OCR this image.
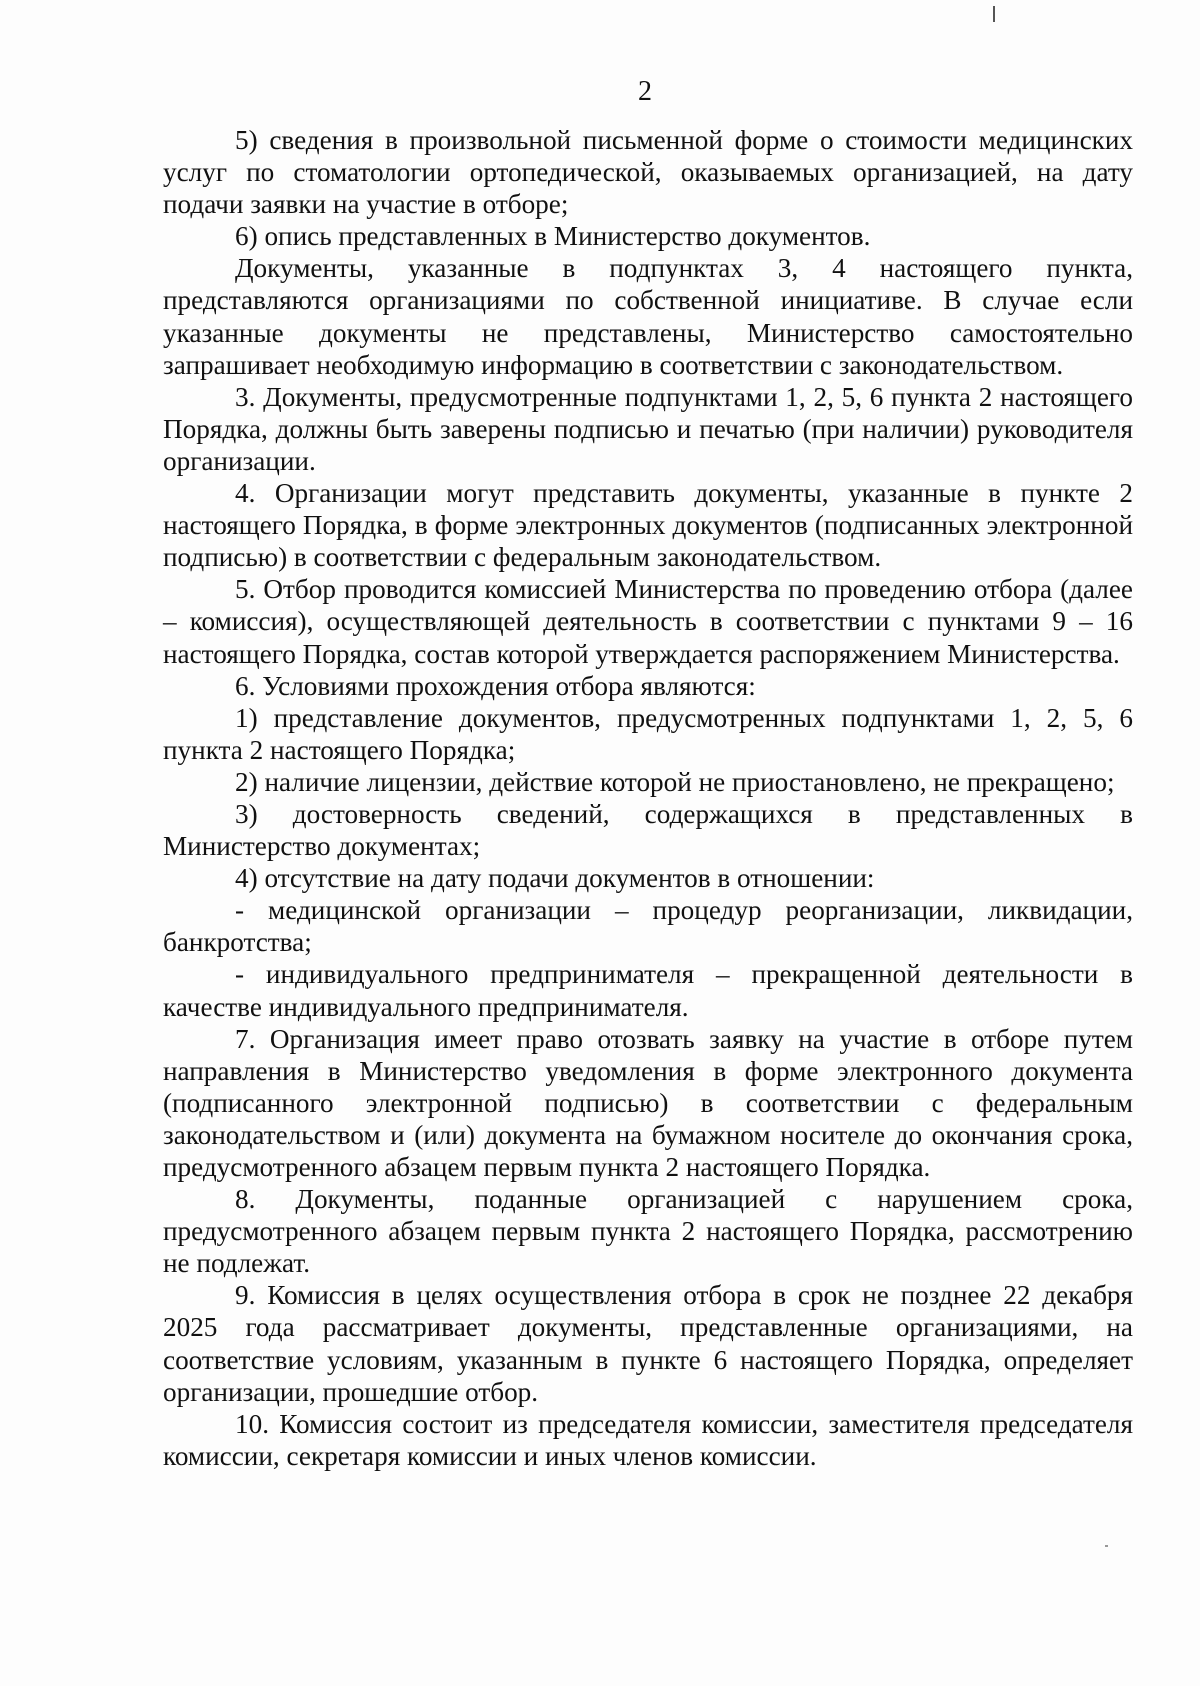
2

5) сведения в произвольной письменной форме о стоимости медицинских услуг по стоматологии ортопедической, оказываемых организацией, на дату подачи заявки на участие в отборе;

6) опись представленных в Министерство документов.

Документы, указанные в подпунктах 3, 4 настоящего пункта, представляются организациями по собственной инициативе. В случае если указанные документы не представлены, Министерство самостоятельно запрашивает необходимую информацию в соответствии с законодательством.

3. Документы, предусмотренные подпунктами 1, 2, 5, 6 пункта 2 настоящего Порядка, должны быть заверены подписью и печатью (при наличии) руководителя организации.

4. Организации могут представить документы, указанные в пункте 2 настоящего Порядка, в форме электронных документов (подписанных электронной подписью) в соответствии с федеральным законодательством.

5. Отбор проводится комиссией Министерства по проведению отбора (далее – комиссия), осуществляющей деятельность в соответствии с пунктами 9 – 16 настоящего Порядка, состав которой утверждается распоряжением Министерства.

6. Условиями прохождения отбора являются:

1) представление документов, предусмотренных подпунктами 1, 2, 5, 6 пункта 2 настоящего Порядка;

2) наличие лицензии, действие которой не приостановлено, не прекращено;

3) достоверность сведений, содержащихся в представленных в Министерство документах;

4) отсутствие на дату подачи документов в отношении:

- медицинской организации – процедур реорганизации, ликвидации, банкротства;

- индивидуального предпринимателя – прекращенной деятельности в качестве индивидуального предпринимателя.

7. Организация имеет право отозвать заявку на участие в отборе путем направления в Министерство уведомления в форме электронного документа (подписанного электронной подписью) в соответствии с федеральным законодательством и (или) документа на бумажном носителе до окончания срока, предусмотренного абзацем первым пункта 2 настоящего Порядка.

8. Документы, поданные организацией с нарушением срока, предусмотренного абзацем первым пункта 2 настоящего Порядка, рассмотрению не подлежат.

9. Комиссия в целях осуществления отбора в срок не позднее 22 декабря 2025 года рассматривает документы, представленные организациями, на соответствие условиям, указанным в пункте 6 настоящего Порядка, определяет организации, прошедшие отбор.

10. Комиссия состоит из председателя комиссии, заместителя председателя комиссии, секретаря комиссии и иных членов комиссии.
